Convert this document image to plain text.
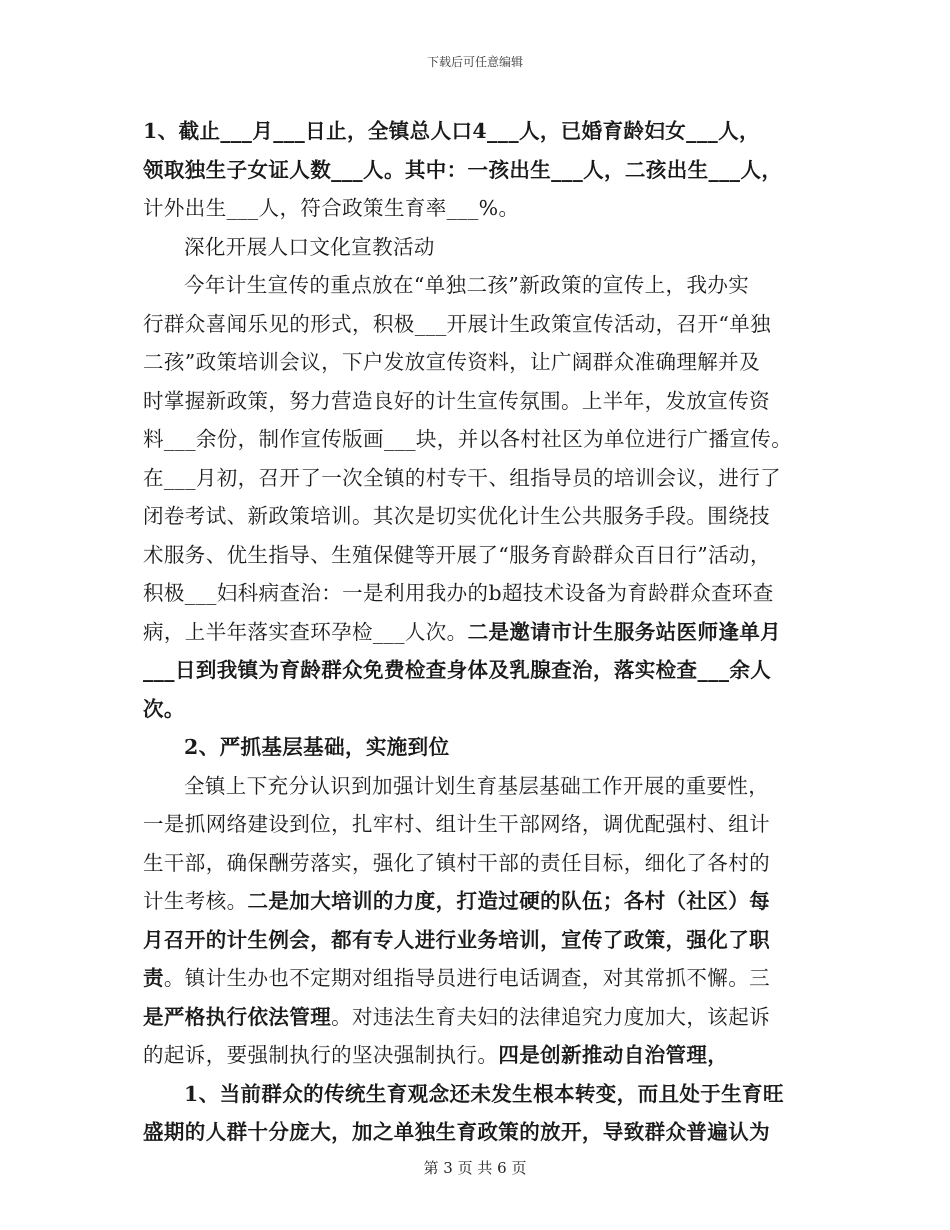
下载后可任意编辑
1、截止___月___日止，全镇总人口4___人，已婚育龄妇女___人，
领取独生子女证人数___人。其中：一孩出生___人，二孩出生___人，
计外出生___人，符合政策生育率___%。
深化开展人口文化宣教活动
今年计生宣传的重点放在“单独二孩”新政策的宣传上，我办实
行群众喜闻乐见的形式，积极___开展计生政策宣传活动，召开“单独
二孩”政策培训会议，下户发放宣传资料，让广阔群众准确理解并及
时掌握新政策，努力营造良好的计生宣传氛围。上半年，发放宣传资
料___余份，制作宣传版画___块，并以各村社区为单位进行广播宣传。
在___月初，召开了一次全镇的村专干、组指导员的培训会议，进行了
闭卷考试、新政策培训。其次是切实优化计生公共服务手段。围绕技
术服务、优生指导、生殖保健等开展了“服务育龄群众百日行”活动，
积极___妇科病查治：一是利用我办的b超技术设备为育龄群众查环查
病，上半年落实查环孕检___人次。 二是邀请市计生服务站医师逢单月
___日到我镇为育龄群众免费检查身体及乳腺查治，落实检查___余人
次。
2、严抓基层基础，实施到位
全镇上下充分认识到加强计划生育基层基础工作开展的重要性，
一是抓网络建设到位，扎牢村、组计生干部网络，调优配强村、组计
生干部，确保酬劳落实，强化了镇村干部的责任目标，细化了各村的
计生考核。 二是加大培训的力度，打造过硬的队伍；各村（社区）每
月召开的计生例会，都有专人进行业务培训，宣传了政策，强化了职
责 。镇计生办也不定期对组指导员进行电话调查，对其常抓不懈。三
是严格执行依法管理 。对违法生育夫妇的法律追究力度加大，该起诉
的起诉，要强制执行的坚决强制执行。 四是创新推动自治管理，
1、当前群众的传统生育观念还未发生根本转变，而且处于生育旺
盛期的人群十分庞大，加之单独生育政策的放开，导致群众普遍认为
第 3 页 共 6 页
